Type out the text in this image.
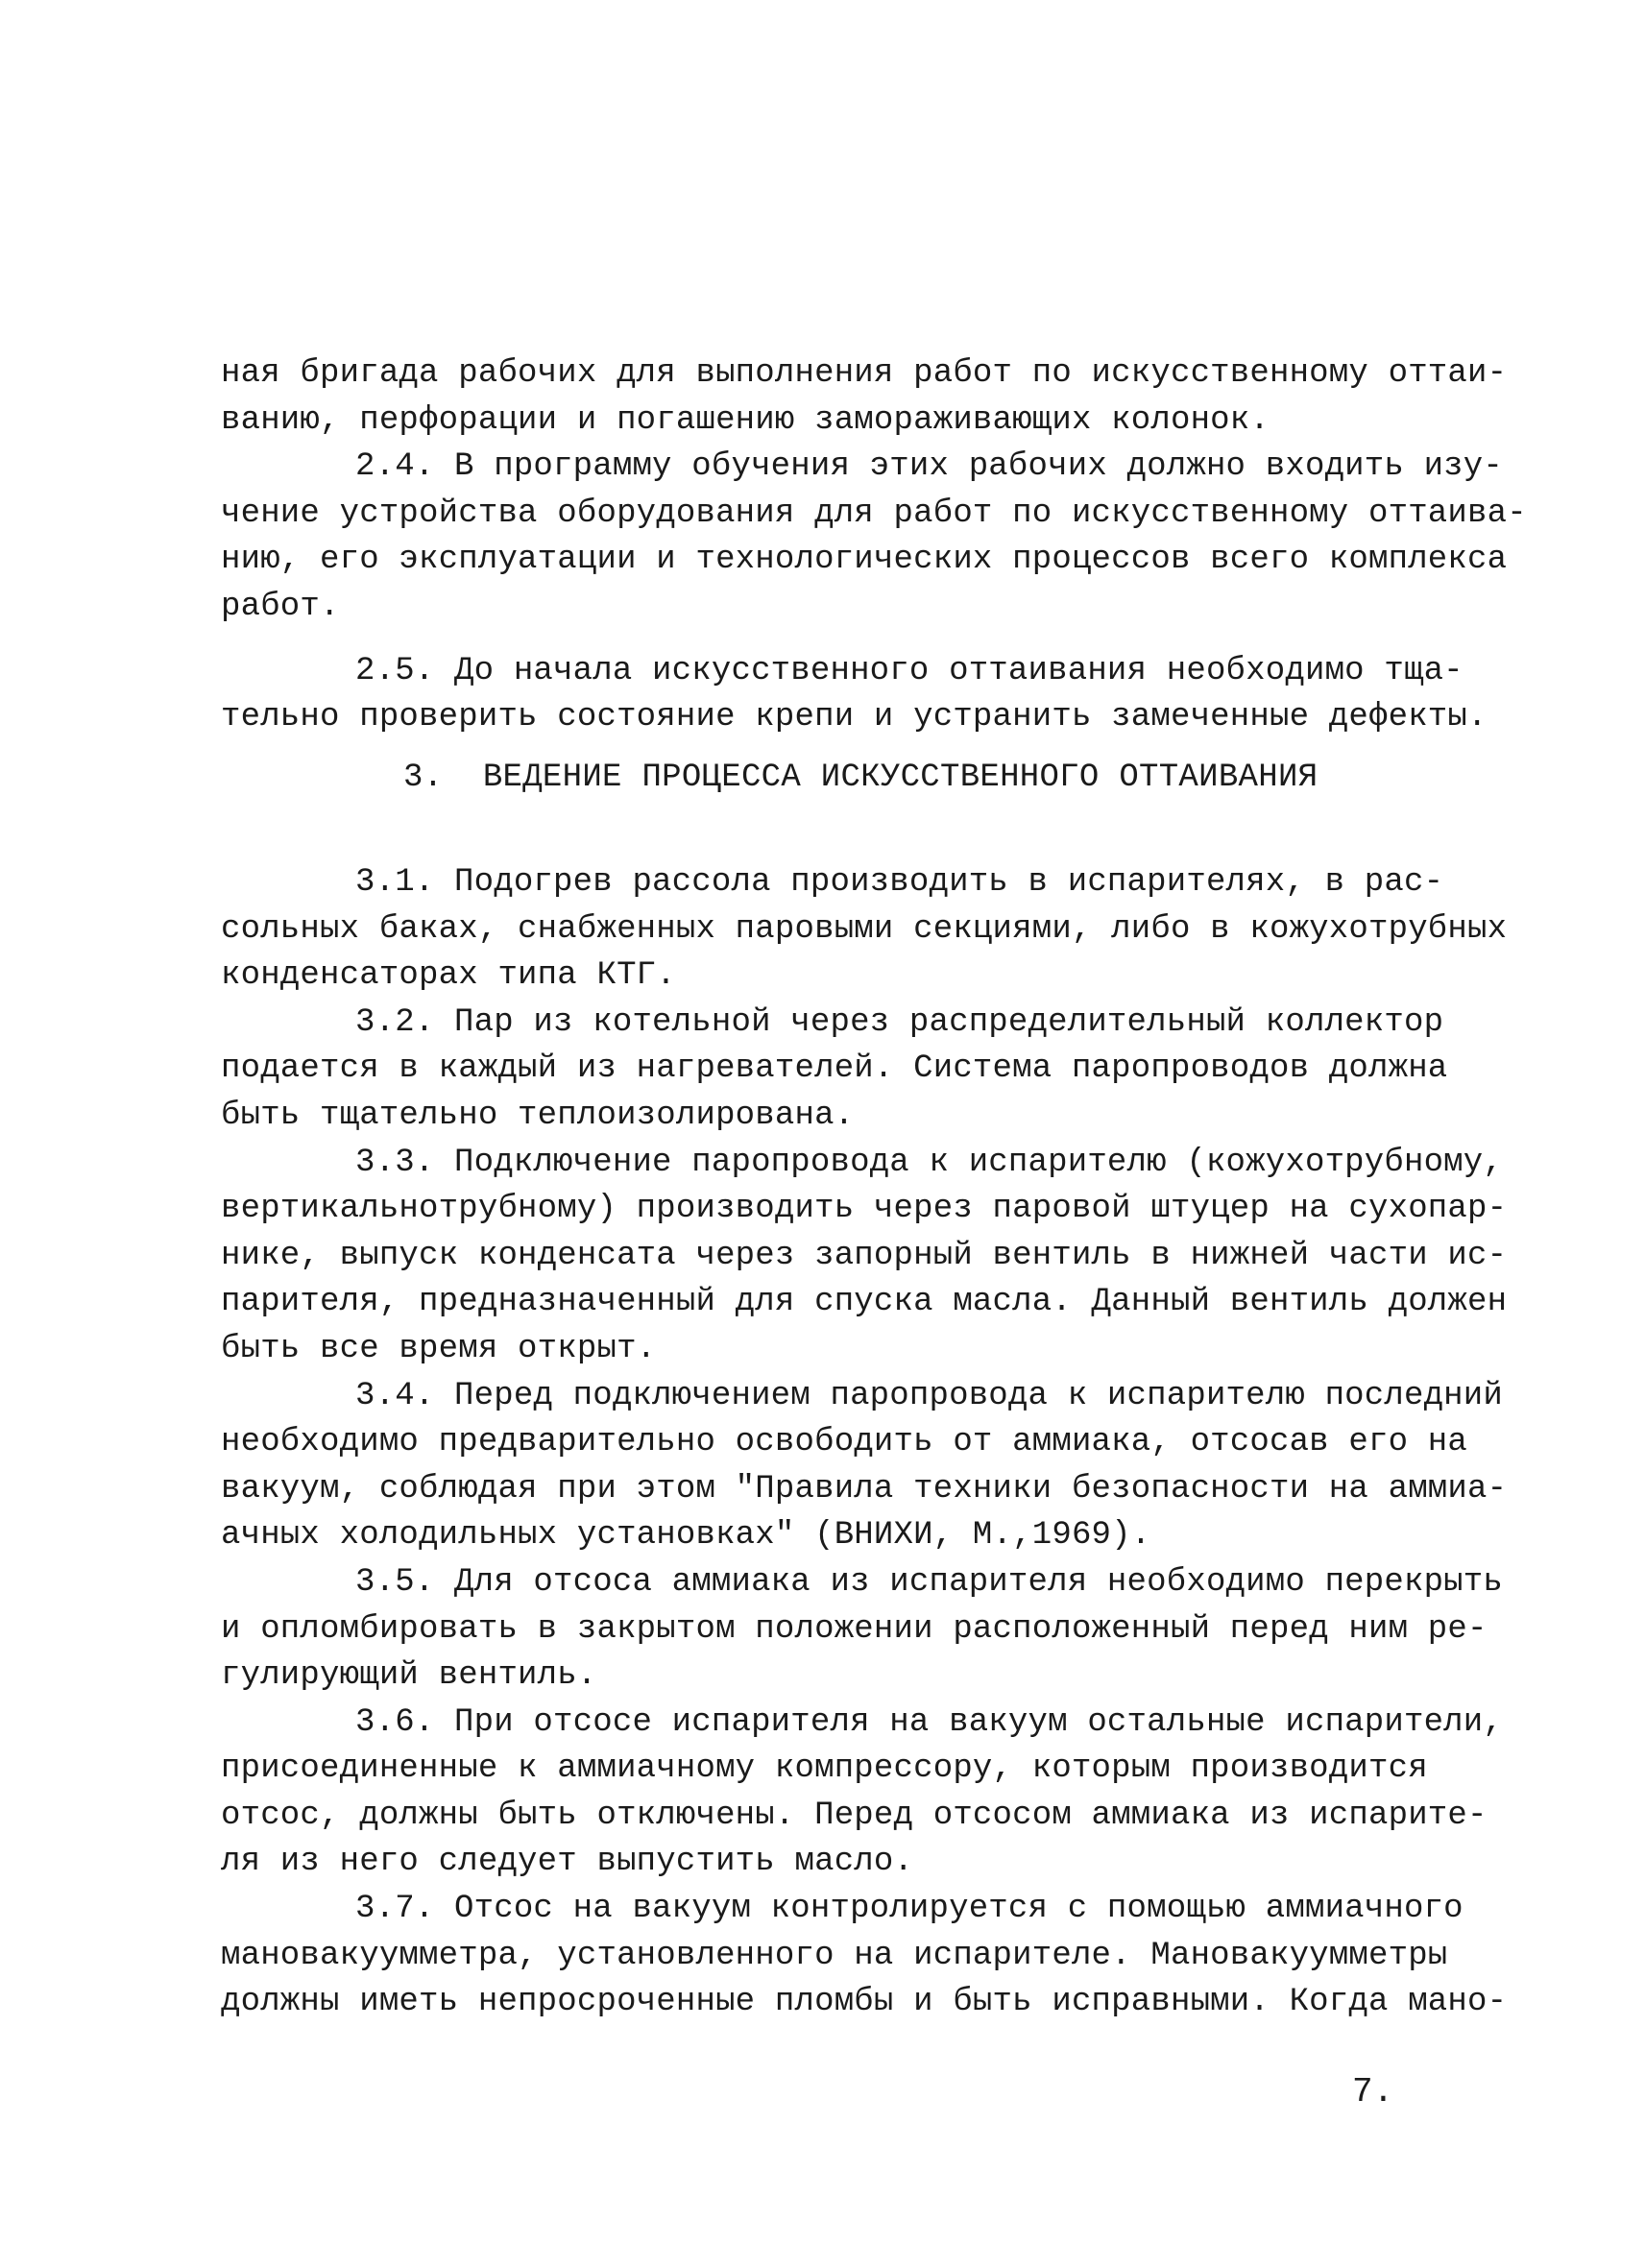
ная бригада рабочих для выполнения работ по искусственному оттаи-
ванию, перфорации и погашению замораживающих колонок.
2.4. В программу обучения этих рабочих должно входить изу-
чение устройства оборудования для работ по искусственному оттаива-
нию, его эксплуатации и технологических процессов всего комплекса
работ.
2.5. До начала искусственного оттаивания необходимо тща-
тельно проверить состояние крепи и устранить замеченные дефекты.
3.  ВЕДЕНИЕ ПРОЦЕССА ИСКУССТВЕННОГО ОТТАИВАНИЯ
3.1. Подогрев рассола производить в испарителях, в рас-
сольных баках, снабженных паровыми секциями, либо в кожухотрубных
конденсаторах типа КТГ.
3.2. Пар из котельной через распределительный коллектор
подается в каждый из нагревателей. Система паропроводов должна
быть тщательно теплоизолирована.
3.3. Подключение паропровода к испарителю (кожухотрубному,
вертикальнотрубному) производить через паровой штуцер на сухопар-
нике, выпуск конденсата через запорный вентиль в нижней части ис-
парителя, предназначенный для спуска масла. Данный вентиль должен
быть все время открыт.
3.4. Перед подключением паропровода к испарителю последний
необходимо предварительно освободить от аммиака, отсосав его на
вакуум, соблюдая при этом "Правила техники безопасности на аммиа-
ачных холодильных установках" (ВНИХИ, М.,1969).
3.5. Для отсоса аммиака из испарителя необходимо перекрыть
и опломбировать в закрытом положении расположенный перед ним ре-
гулирующий вентиль.
3.6. При отсосе испарителя на вакуум остальные испарители,
присоединенные к аммиачному компрессору, которым производится
отсос, должны быть отключены. Перед отсосом аммиака из испарите-
ля из него следует выпустить масло.
3.7. Отсос на вакуум контролируется с помощью аммиачного
мановакуумметра, установленного на испарителе. Мановакуумметры
должны иметь непросроченные пломбы и быть исправными. Когда мано-
7.
